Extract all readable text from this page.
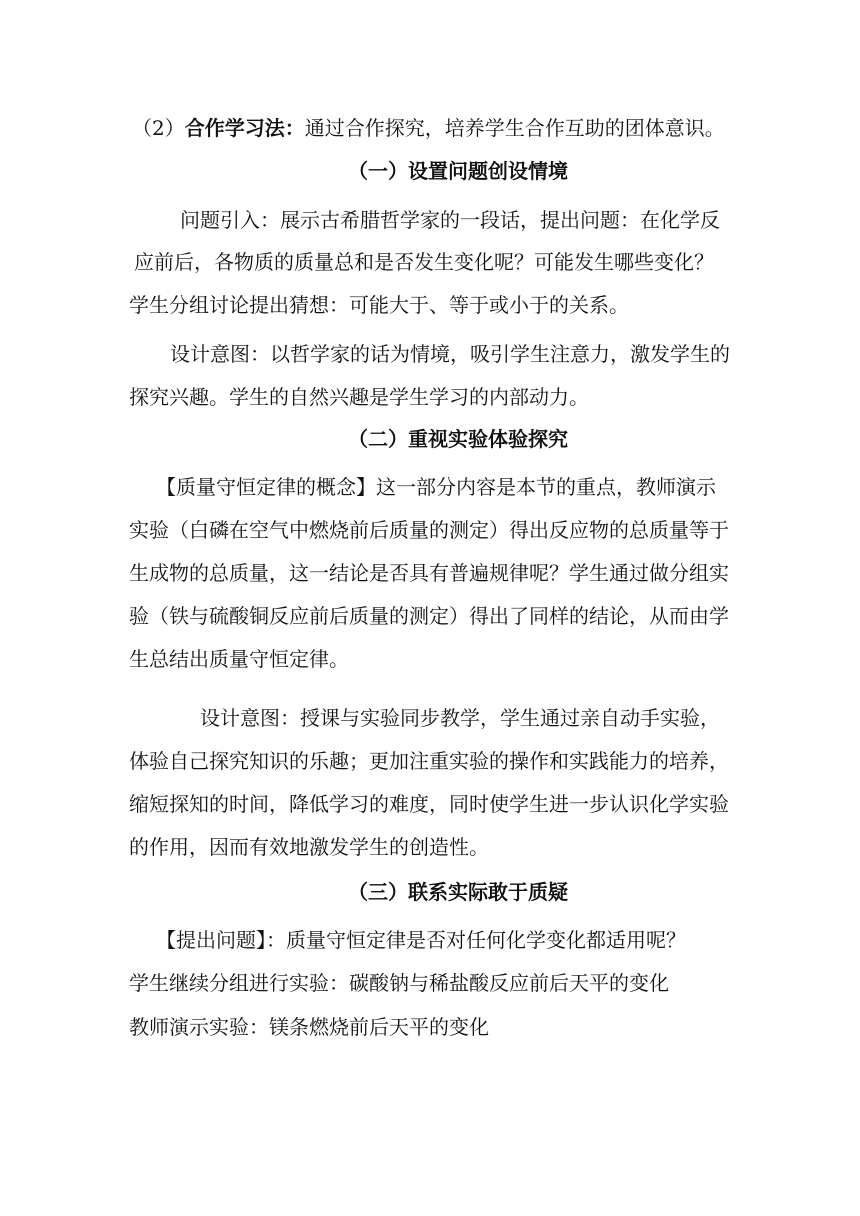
（2）合作学习法：通过合作探究，培养学生合作互助的团体意识。
（一）设置问题创设情境
问题引入：展示古希腊哲学家的一段话，提出问题：在化学反
应前后，各物质的质量总和是否发生变化呢？可能发生哪些变化？
学生分组讨论提出猜想：可能大于、等于或小于的关系。
设计意图：以哲学家的话为情境，吸引学生注意力，激发学生的
探究兴趣。学生的自然兴趣是学生学习的内部动力。
（二）重视实验体验探究
【质量守恒定律的概念】这一部分内容是本节的重点，教师演示
实验（白磷在空气中燃烧前后质量的测定）得出反应物的总质量等于
生成物的总质量，这一结论是否具有普遍规律呢？学生通过做分组实
验（铁与硫酸铜反应前后质量的测定）得出了同样的结论，从而由学
生总结出质量守恒定律。
设计意图：授课与实验同步教学，学生通过亲自动手实验，
体验自己探究知识的乐趣；更加注重实验的操作和实践能力的培养，
缩短探知的时间，降低学习的难度，同时使学生进一步认识化学实验
的作用，因而有效地激发学生的创造性。
（三）联系实际敢于质疑
【提出问题】：质量守恒定律是否对任何化学变化都适用呢？
学生继续分组进行实验：碳酸钠与稀盐酸反应前后天平的变化
教师演示实验：镁条燃烧前后天平的变化
